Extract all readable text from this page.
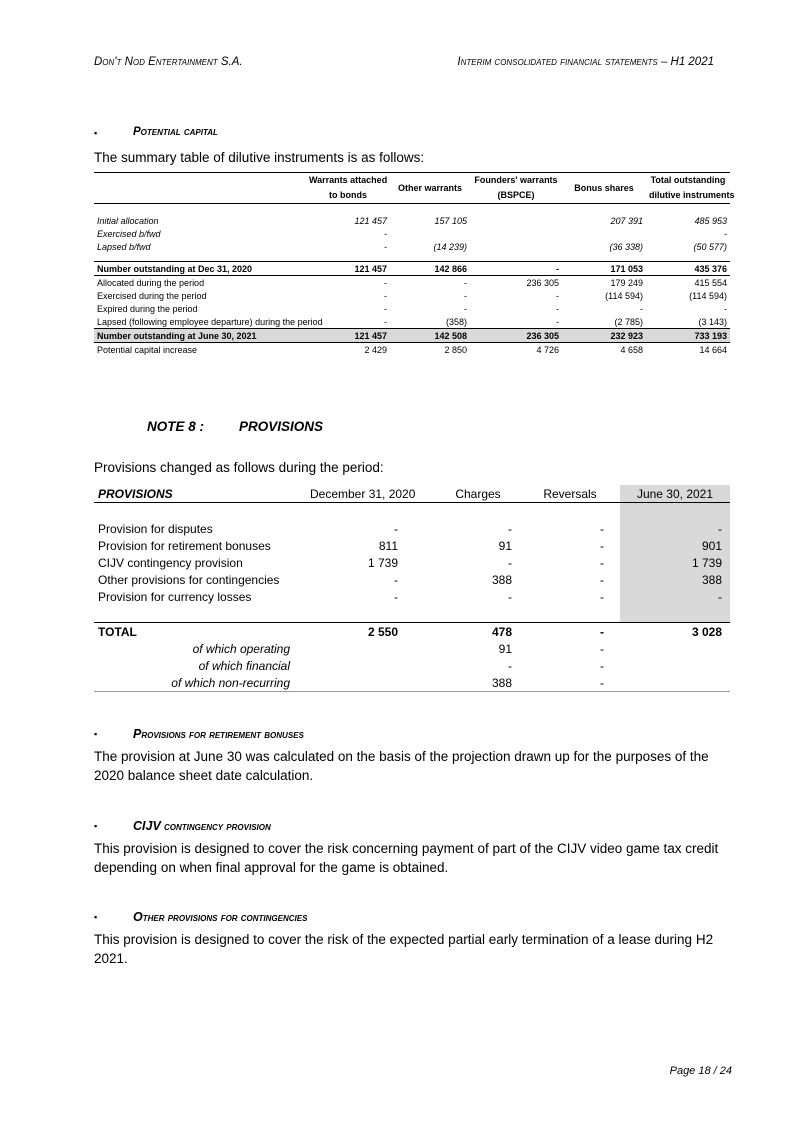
Don't Nod Entertainment S.A.	Interim consolidated financial statements – H1 2021
▪	Potential capital
The summary table of dilutive instruments is as follows:
	Warrants attached	Other warrants	Founders' warrants	Bonus shares	Total outstanding
	to bonds		(BSPCE)		dilutive instruments

Initial allocation	121 457	157 105		207 391	485 953
Exercised b/fwd	-				-
Lapsed b/fwd	-	(14 239)		(36 338)	(50 577)

Number outstanding at Dec 31, 2020	121 457	142 866	-	171 053	435 376
Allocated during the period	-	-	236 305	179 249	415 554
Exercised during the period	-	-	-	(114 594)	(114 594)
Expired during the period	-	-	-	-	-
Lapsed (following employee departure) during the period	-	(358)	-	(2 785)	(3 143)
Number outstanding at June 30, 2021	121 457	142 508	236 305	232 923	733 193
Potential capital increase	2 429	2 850	4 726	4 658	14 664
NOTE 8 :	PROVISIONS
Provisions changed as follows during the period:
PROVISIONS	December 31, 2020	Charges	Reversals	June 30, 2021

Provision for disputes	-	-	-	-
Provision for retirement bonuses	811	91	-	901
CIJV contingency provision	1 739	-	-	1 739
Other provisions for contingencies	-	388	-	388
Provision for currency losses	-	-	-	-

TOTAL	2 550	478	-	3 028
of which operating		91	-	
of which financial		-	-	
of which non-recurring		388	-	
▪	Provisions for retirement bonuses
The provision at June 30 was calculated on the basis of the projection drawn up for the purposes of the 2020 balance sheet date calculation.
▪	CIJV contingency provision
This provision is designed to cover the risk concerning payment of part of the CIJV video game tax credit depending on when final approval for the game is obtained.
▪	Other provisions for contingencies
This provision is designed to cover the risk of the expected partial early termination of a lease during H2 2021.
Page 18 / 24
